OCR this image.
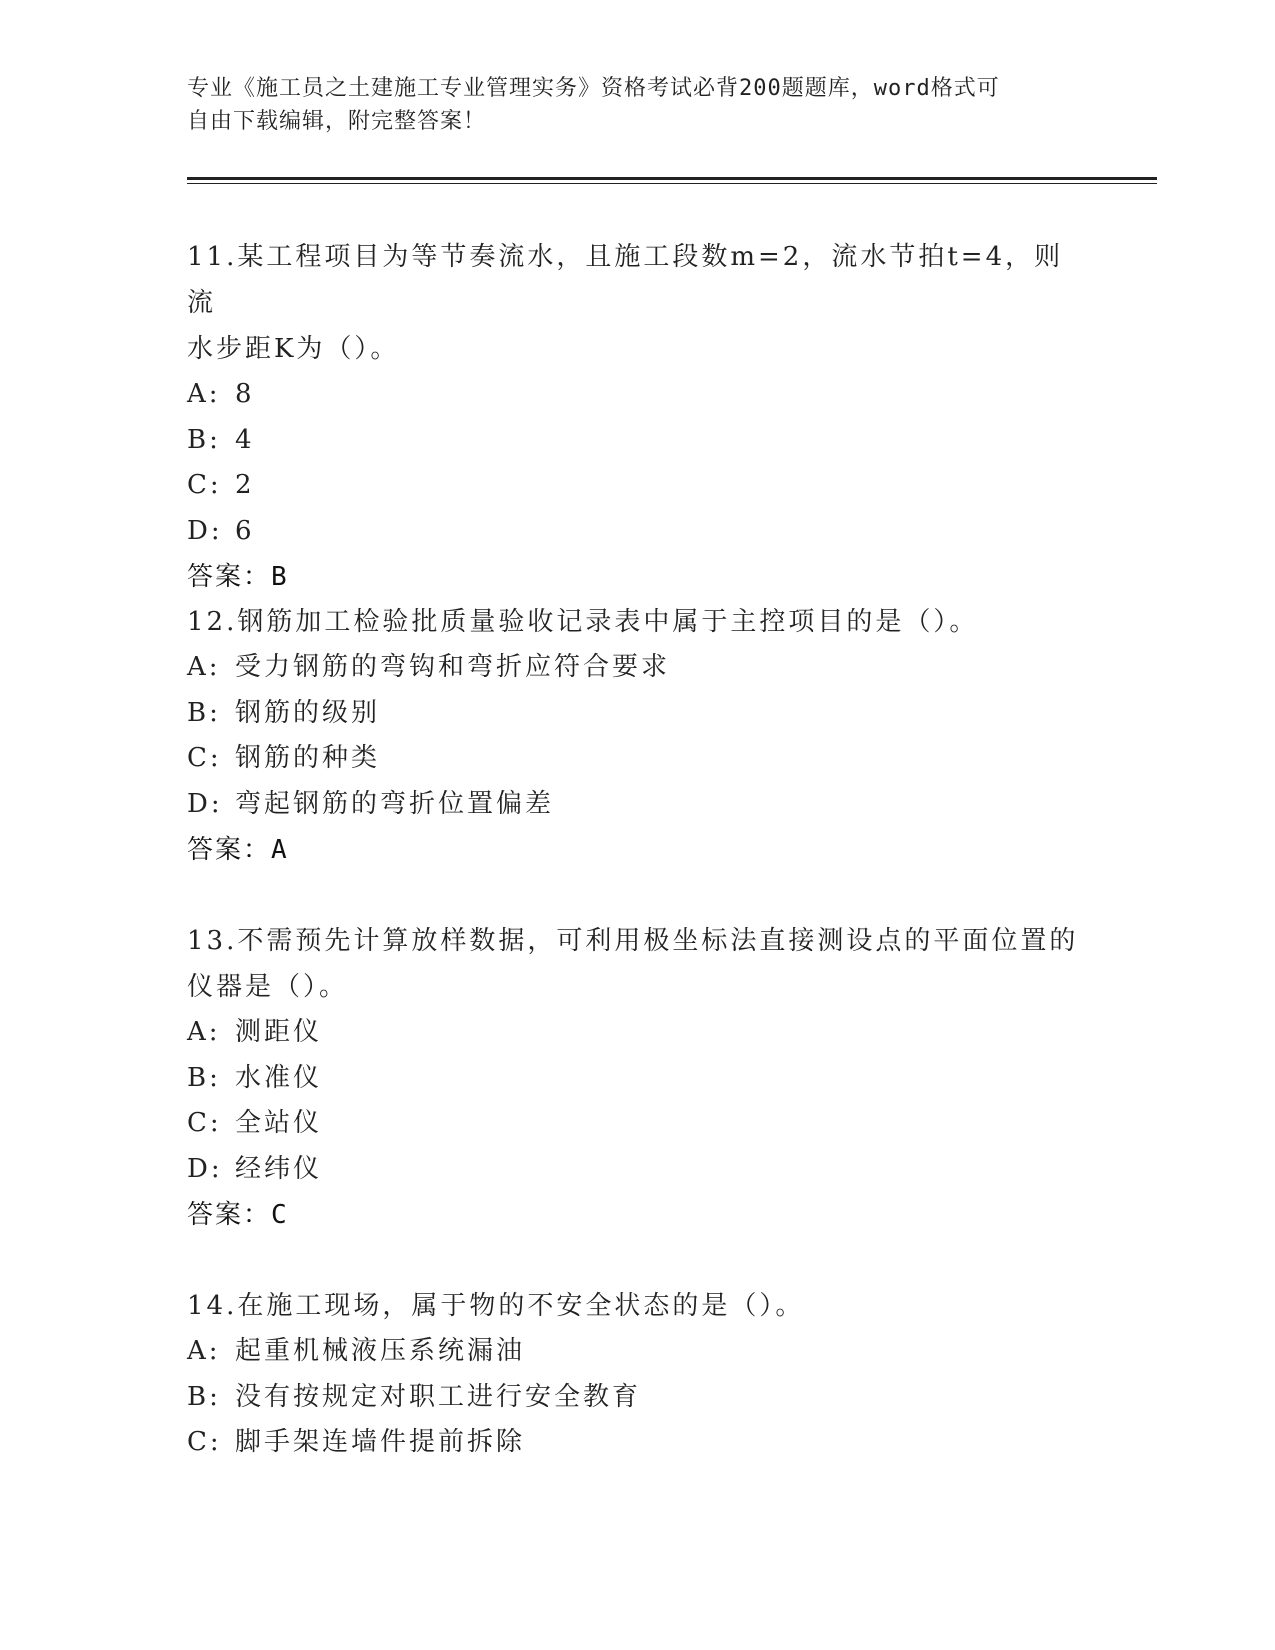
专业《施工员之土建施工专业管理实务》资格考试必背200题题库，word格式可
自由下载编辑，附完整答案！

11.某工程项目为等节奏流水，且施工段数m=2，流水节拍t=4，则流

水步距K为（）。

A: 8

B: 4

C: 2

D: 6

答案：B

12.钢筋加工检验批质量验收记录表中属于主控项目的是（）。

A: 受力钢筋的弯钩和弯折应符合要求

B: 钢筋的级别

C: 钢筋的种类

D: 弯起钢筋的弯折位置偏差

答案：A

13.不需预先计算放样数据，可利用极坐标法直接测设点的平面位置的

仪器是（）。

A: 测距仪

B: 水准仪

C: 全站仪

D: 经纬仪

答案：C

14.在施工现场，属于物的不安全状态的是（）。

A: 起重机械液压系统漏油

B: 没有按规定对职工进行安全教育

C: 脚手架连墙件提前拆除
